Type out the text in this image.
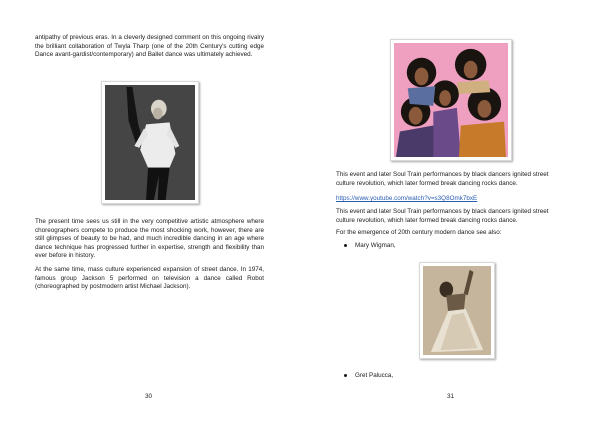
antipathy of previous eras. In a cleverly designed comment on this ongoing rivalry the brilliant collaboration of Twyla Tharp (one of the 20th Century's cutting edge Dance avant-gardist/contemporary) and Ballet dance was ultimately achieved.
The present time sees us still in the very competitive artistic atmosphere where choreographers compete to produce the most shocking work, however, there are still glimpses of beauty to be had, and much incredible dancing in an age where dance technique has progressed further in expertise, strength and flexibility than ever before in history.
At the same time, mass culture experienced expansion of street dance. In 1974, famous group Jackson 5 performed on television a dance called Robot (choreographed by postmodern artist Michael Jackson).
30
This event and later Soul Train performances by black dancers ignited street culture revolution, which later formed break dancing rocks dance.
https://www.youtube.com/watch?v=s3Q8Omk7bxE
This event and later Soul Train performances by black dancers ignited street culture revolution, which later formed break dancing rocks dance.
For the emergence of 20th century modern dance see also:
Mary Wigman,
Gret Palucca,
31
